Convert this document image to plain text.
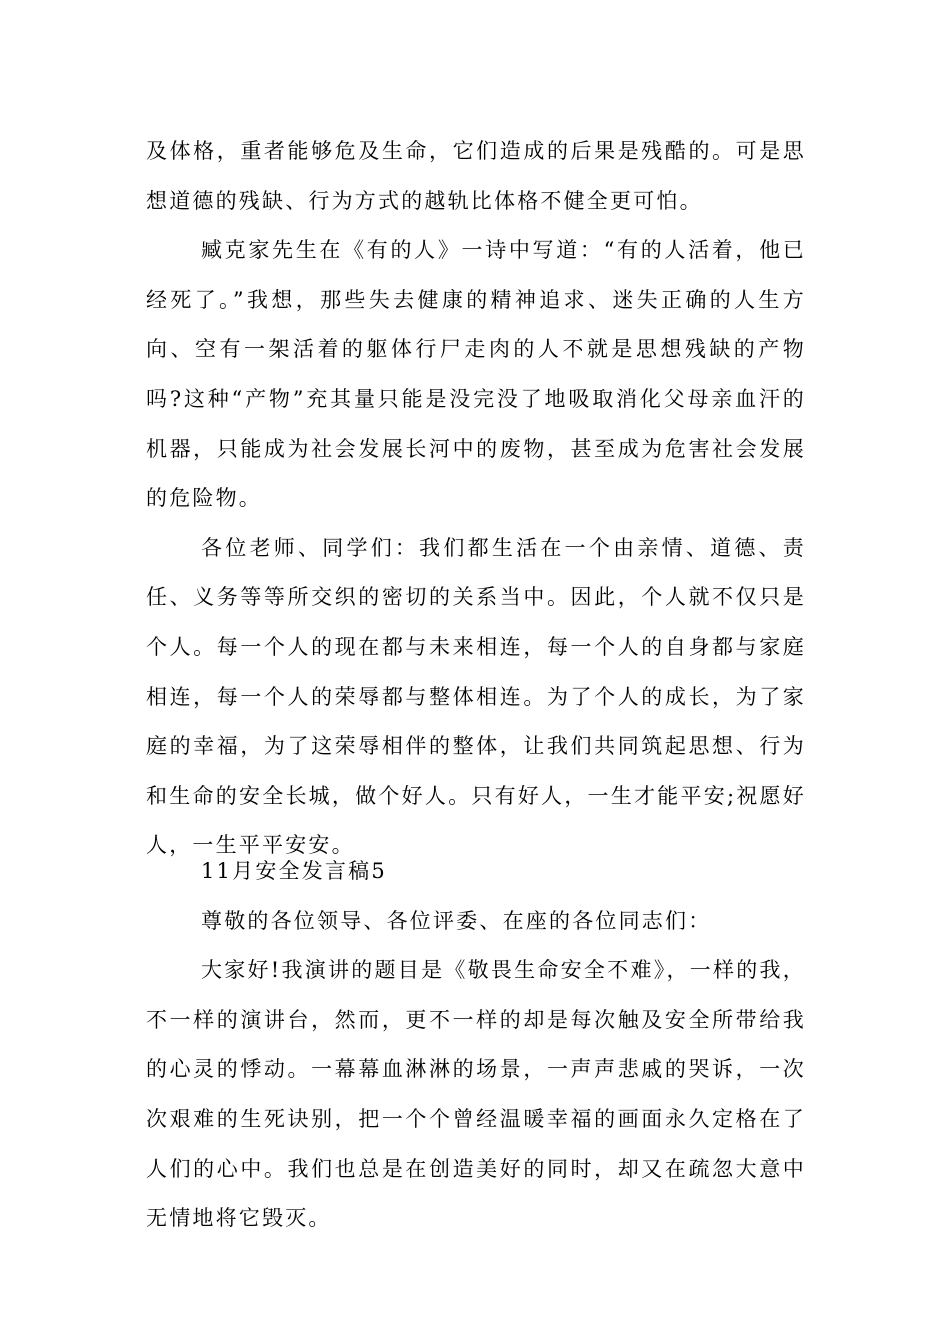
及体格，重者能够危及生命，它们造成的后果是残酷的。可是思想道德的残缺、行为方式的越轨比体格不健全更可怕。

臧克家先生在《有的人》一诗中写道：“有的人活着，他已经死了。”我想，那些失去健康的精神追求、迷失正确的人生方向、空有一架活着的躯体行尸走肉的人不就是思想残缺的产物吗?这种“产物”充其量只能是没完没了地吸取消化父母亲血汗的机器，只能成为社会发展长河中的废物，甚至成为危害社会发展的危险物。

各位老师、同学们：我们都生活在一个由亲情、道德、责任、义务等等所交织的密切的关系当中。因此，个人就不仅只是个人。每一个人的现在都与未来相连，每一个人的自身都与家庭相连，每一个人的荣辱都与整体相连。为了个人的成长，为了家庭的幸福，为了这荣辱相伴的整体，让我们共同筑起思想、行为和生命的安全长城，做个好人。只有好人，一生才能平安;祝愿好人，一生平平安安。

11月安全发言稿5

尊敬的各位领导、各位评委、在座的各位同志们：

大家好!我演讲的题目是《敬畏生命安全不难》，一样的我，不一样的演讲台，然而，更不一样的却是每次触及安全所带给我的心灵的悸动。一幕幕血淋淋的场景，一声声悲戚的哭诉，一次次艰难的生死诀别，把一个个曾经温暖幸福的画面永久定格在了人们的心中。我们也总是在创造美好的同时，却又在疏忽大意中无情地将它毁灭。
